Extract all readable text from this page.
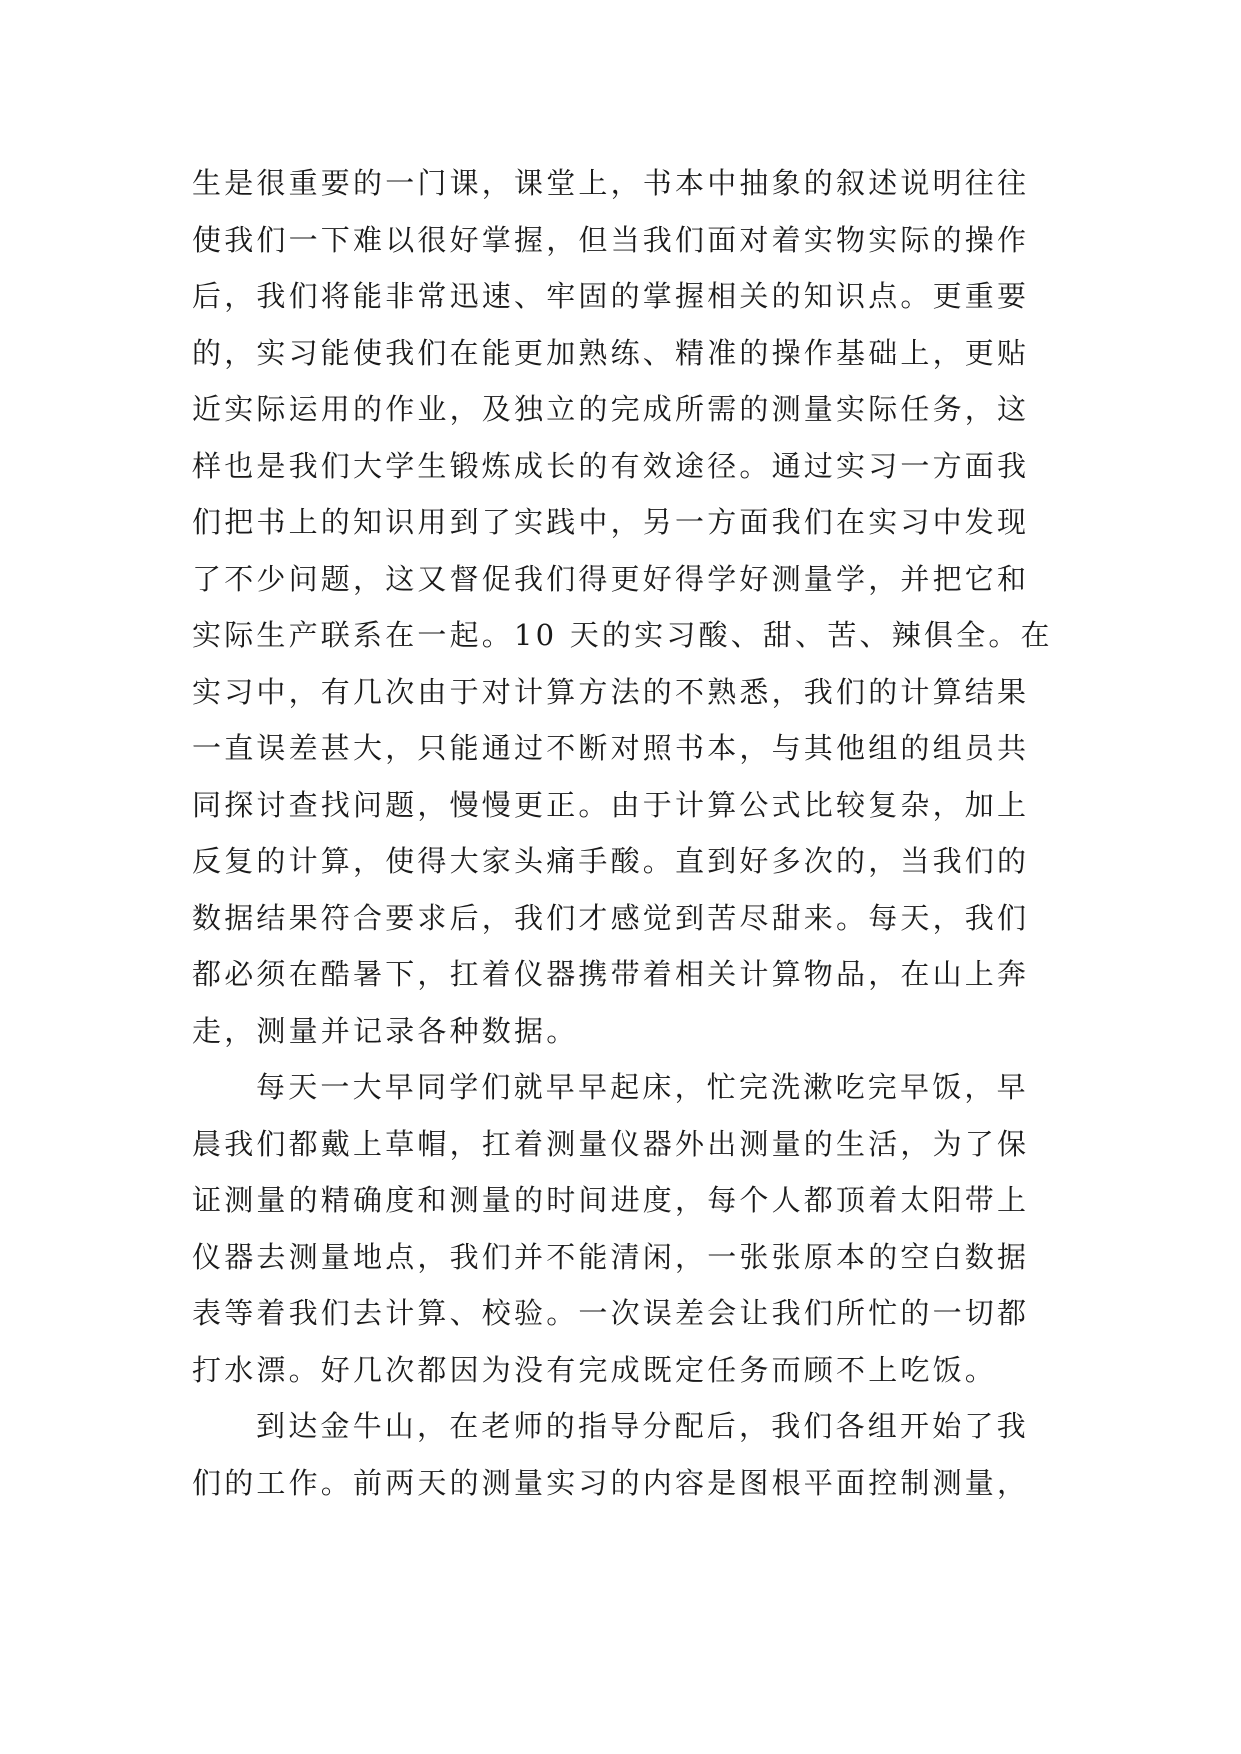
生是很重要的一门课，课堂上，书本中抽象的叙述说明往往
使我们一下难以很好掌握，但当我们面对着实物实际的操作
后，我们将能非常迅速、牢固的掌握相关的知识点。更重要
的，实习能使我们在能更加熟练、精准的操作基础上，更贴
近实际运用的作业，及独立的完成所需的测量实际任务，这
样也是我们大学生锻炼成长的有效途径。通过实习一方面我
们把书上的知识用到了实践中，另一方面我们在实习中发现
了不少问题，这又督促我们得更好得学好测量学，并把它和
实际生产联系在一起。10 天的实习酸、甜、苦、辣俱全。在
实习中，有几次由于对计算方法的不熟悉，我们的计算结果
一直误差甚大，只能通过不断对照书本，与其他组的组员共
同探讨查找问题，慢慢更正。由于计算公式比较复杂，加上
反复的计算，使得大家头痛手酸。直到好多次的，当我们的
数据结果符合要求后，我们才感觉到苦尽甜来。每天，我们
都必须在酷暑下，扛着仪器携带着相关计算物品，在山上奔
走，测量并记录各种数据。
每天一大早同学们就早早起床，忙完洗漱吃完早饭，早
晨我们都戴上草帽，扛着测量仪器外出测量的生活，为了保
证测量的精确度和测量的时间进度，每个人都顶着太阳带上
仪器去测量地点，我们并不能清闲，一张张原本的空白数据
表等着我们去计算、校验。一次误差会让我们所忙的一切都
打水漂。好几次都因为没有完成既定任务而顾不上吃饭。
到达金牛山，在老师的指导分配后，我们各组开始了我
们的工作。前两天的测量实习的内容是图根平面控制测量，
